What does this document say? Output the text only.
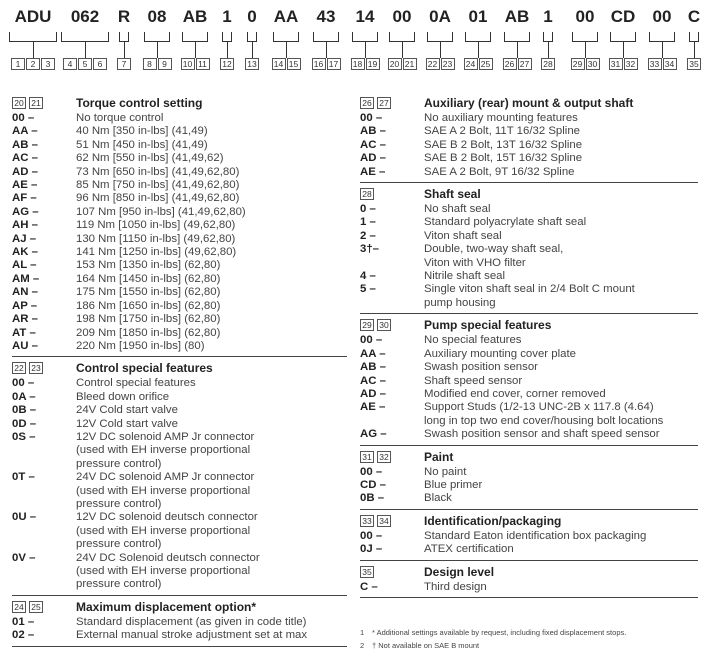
ADU
1	2	3
062
4	5	6
R
7
08
8	9
AB
10 11
1
12
0
13
AA
14 15
43
16 17
14
18 19
00
20 21
0A
22 23
01
24 25
AB
26 27
1
28
00
29 30
CD
31 32
00
33 34
C
35
20 21	Torque control setting
00 –	No torque control
AA –	40 Nm [350 in-lbs] (41,49)
AB –	51 Nm [450 in-lbs] (41,49)
AC –	62 Nm [550 in-lbs] (41,49,62)
AD –	73 Nm [650 in-lbs] (41,49,62,80)
AE –	85 Nm [750 in-lbs] (41,49,62,80)
AF –	96 Nm [850 in-lbs] (41,49,62,80)
AG –	107 Nm [950 in-lbs] (41,49,62,80)
AH –	119 Nm [1050 in-lbs] (49,62,80)
AJ –	130 Nm [1150 in-lbs] (49,62,80)
AK –	141 Nm [1250 in-lbs] (49,62,80)
AL –	153 Nm [1350 in-lbs] (62,80)
AM –	164 Nm [1450 in-lbs] (62,80)
AN –	175 Nm [1550 in-lbs] (62,80)
AP –	186 Nm [1650 in-lbs] (62,80)
AR –	198 Nm [1750 in-lbs] (62,80)
AT –	209 Nm [1850 in-lbs] (62,80)
AU –	220 Nm [1950 in-lbs] (80)
22 23	Control special features
00 –	Control special features
0A –	Bleed down orifice
0B –	24V Cold start valve
0D –	12V Cold start valve
0S –	12V DC solenoid AMP Jr connector
(used with EH inverse proportional
pressure control)
0T –	24V DC solenoid AMP Jr connector
(used with EH inverse proportional
pressure control)
0U –	12V DC solenoid deutsch connector
(used with EH inverse proportional
pressure control)
0V –	24V DC Solenoid deutsch connector
(used with EH inverse proportional
pressure control)
24 25	Maximum displacement option*
01 –	Standard displacement (as given in code title)
02 –	External manual stroke adjustment set at max
26 27	Auxiliary (rear) mount & output shaft
00 –	No auxiliary mounting features
AB –	SAE A 2 Bolt, 11T 16/32 Spline
AC –	SAE B 2 Bolt, 13T 16/32 Spline
AD –	SAE B 2 Bolt, 15T 16/32 Spline
AE –	SAE A 2 Bolt, 9T 16/32 Spline
28	Shaft seal
0 –	No shaft seal
1 –	Standard polyacrylate shaft seal
2 –	Viton shaft seal
3†–	Double, two-way shaft seal,
Viton with VHO filter
4 –	Nitrile shaft seal
5 –	Single viton shaft seal in 2/4 Bolt C mount
pump housing
29 30	Pump special features
00 –	No special features
AA –	Auxiliary mounting cover plate
AB –	Swash position sensor
AC –	Shaft speed sensor
AD –	Modified end cover, corner removed
AE –	Support Studs (1/2-13 UNC-2B x 117.8 (4.64)
long in top two end cover/housing bolt locations
AG –	Swash position sensor and shaft speed sensor
31 32	Paint
00 –	No paint
CD –	Blue primer
0B –	Black
33 34	Identification/packaging
00 –	Standard Eaton identification box packaging
0J –	ATEX certification
35	Design level
C –	Third design
1 * Additional settings available by request, including fixed displacement stops.
2 † Not available on SAE B mount
